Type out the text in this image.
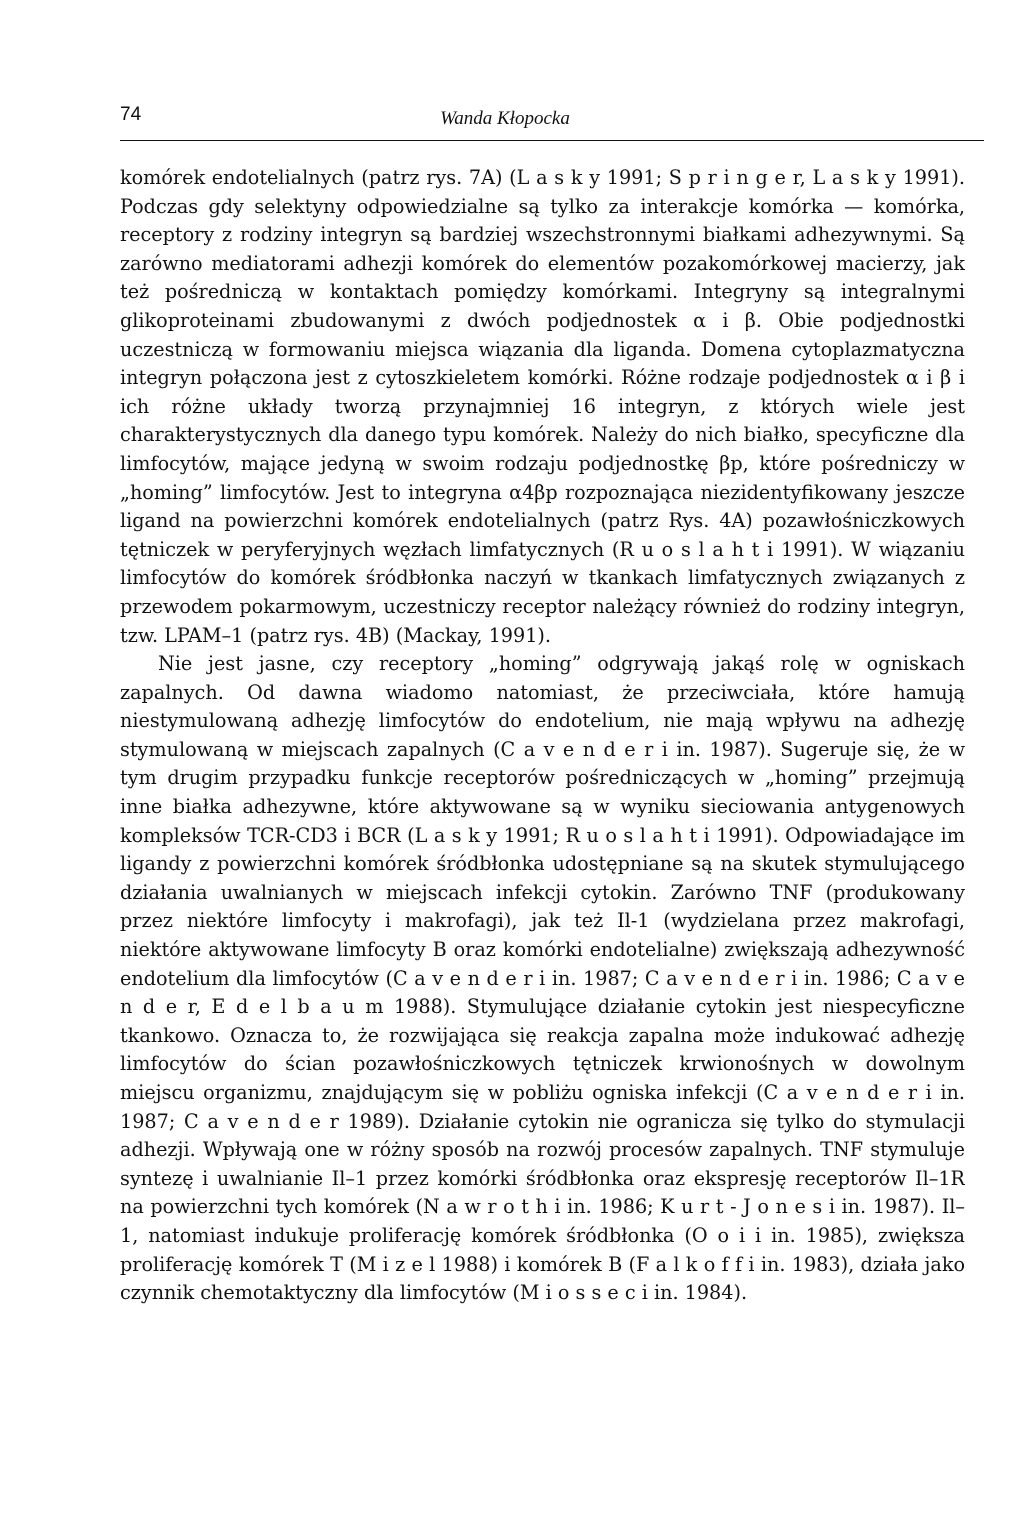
74	Wanda Kłopocka

komórek endotelialnych (patrz rys. 7A) (L a s k y 1991; S p r i n g e r, L a s k y 1991). Podczas gdy selektyny odpowiedzialne są tylko za interakcje komórka — komórka, receptory z rodziny integryn są bardziej wszechstronnymi białkami adhezywnymi. Są zarówno mediatorami adhezji komórek do elementów pozakomórkowej macierzy, jak też pośredniczą w kontaktach pomiędzy komórkami. Integryny są integralnymi glikoproteinami zbudowanymi z dwóch podjednostek α i β. Obie podjednostki uczestniczą w formowaniu miejsca wiązania dla liganda. Domena cytoplazmatyczna integryn połączona jest z cytoszkieletem komórki. Różne rodzaje podjednostek α i β i ich różne układy tworzą przynajmniej 16 integryn, z których wiele jest charakterystycznych dla danego typu komórek. Należy do nich białko, specyficzne dla limfocytów, mające jedyną w swoim rodzaju podjednostkę βp, które pośredniczy w „homing” limfocytów. Jest to integryna α4βp rozpoznająca niezidentyfikowany jeszcze ligand na powierzchni komórek endotelialnych (patrz Rys. 4A) pozawłośniczkowych tętniczek w peryferyjnych węzłach limfatycznych (R u o s l a h t i 1991). W wiązaniu limfocytów do komórek śródbłonka naczyń w tkankach limfatycznych związanych z przewodem pokarmowym, uczestniczy receptor należący również do rodziny integryn, tzw. LPAM–1 (patrz rys. 4B) (Mackay, 1991).

Nie jest jasne, czy receptory „homing” odgrywają jakąś rolę w ogniskach zapalnych. Od dawna wiadomo natomiast, że przeciwciała, które hamują niestymulowaną adhezję limfocytów do endotelium, nie mają wpływu na adhezję stymulowaną w miejscach zapalnych (C a v e n d e r i in. 1987). Sugeruje się, że w tym drugim przypadku funkcje receptorów pośredniczących w „homing” przejmują inne białka adhezywne, które aktywowane są w wyniku sieciowania antygenowych kompleksów TCR-CD3 i BCR (L a s k y 1991; R u o s l a h t i 1991). Odpowiadające im ligandy z powierzchni komórek śródbłonka udostępniane są na skutek stymulującego działania uwalnianych w miejscach infekcji cytokin. Zarówno TNF (produkowany przez niektóre limfocyty i makrofagi), jak też Il-1 (wydzielana przez makrofagi, niektóre aktywowane limfocyty B oraz komórki endotelialne) zwiększają adhezywność endotelium dla limfocytów (C a v e n d e r i in. 1987; C a v e n d e r i in. 1986; C a v e n d e r, E d e l b a u m 1988). Stymulujące działanie cytokin jest niespecyficzne tkankowo. Oznacza to, że rozwijająca się reakcja zapalna może indukować adhezję limfocytów do ścian pozawłośniczkowych tętniczek krwionośnych w dowolnym miejscu organizmu, znajdującym się w pobliżu ogniska infekcji (C a v e n d e r i in. 1987; C a v e n d e r 1989). Działanie cytokin nie ogranicza się tylko do stymulacji adhezji. Wpływają one w różny sposób na rozwój procesów zapalnych. TNF stymuluje syntezę i uwalnianie Il–1 przez komórki śródbłonka oraz ekspresję receptorów Il–1R na powierzchni tych komórek (N a w r o t h i in. 1986; K u r t - J o n e s i in. 1987). Il–1, natomiast indukuje proliferację komórek śródbłonka (O o i i in. 1985), zwiększa proliferację komórek T (M i z e l 1988) i komórek B (F a l k o f f i in. 1983), działa jako czynnik chemotaktyczny dla limfocytów (M i o s s e c i in. 1984).
